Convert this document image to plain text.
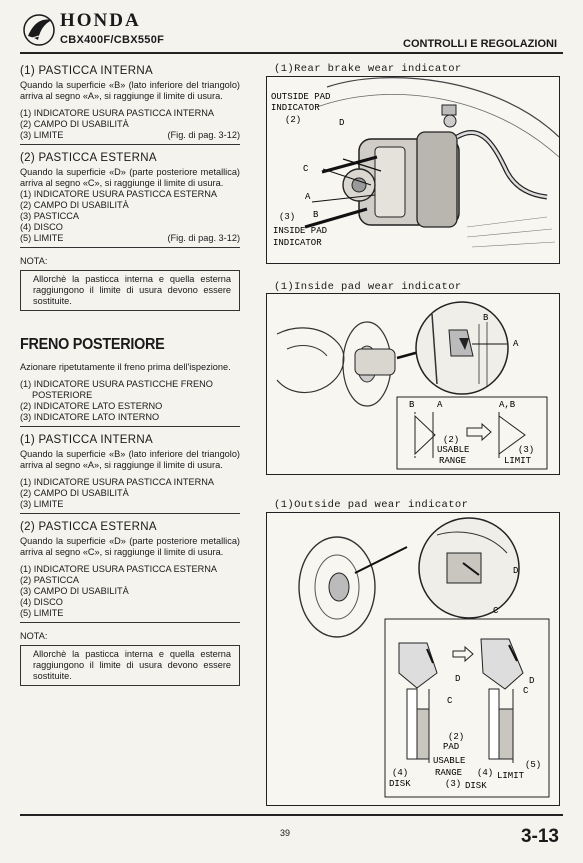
HONDA
CBX400F/CBX550F	CONTROLLI E REGOLAZIONI
(1) PASTICCA INTERNA
Quando la superficie «B» (lato inferiore del triangolo) arriva al segno «A», si raggiunge il limite di usura.
(1) INDICATORE USURA PASTICCA INTERNA
(2) CAMPO DI USABILITÀ
(3) LIMITE	(Fig. di pag. 3-12)
(2) PASTICCA ESTERNA
Quando la superficie «D» (parte posteriore metallica) arriva al segno «C», si raggiunge il limite di usura.
(1) INDICATORE USURA PASTICCA ESTERNA
(2) CAMPO DI USABILITÀ
(3) PASTICCA
(4) DISCO
(5) LIMITE	(Fig. di pag. 3-12)
NOTA:
Allorchè la pasticca interna e quella esterna raggiungono il limite di usura devono essere sostituite.
FRENO POSTERIORE
Azionare ripetutamente il freno prima dell'ispezione.
(1) INDICATORE USURA PASTICCHE FRENO
POSTERIORE
(2) INDICATORE LATO ESTERNO
(3) INDICATORE LATO INTERNO
(1) PASTICCA INTERNA
Quando la superficie «B» (lato inferiore del triangolo) arriva al segno «A», si raggiunge il limite di usura.
(1) INDICATORE USURA PASTICCA INTERNA
(2) CAMPO DI USABILITÀ
(3) LIMITE
(2) PASTICCA ESTERNA
Quando la superficie «D» (parte posteriore metallica) arriva al segno «C», si raggiunge il limite di usura.
(1) INDICATORE USURA PASTICCA ESTERNA
(2) PASTICCA
(3) CAMPO DI USABILITÀ
(4) DISCO
(5) LIMITE
NOTA:
Allorchè la pasticca interna e quella esterna raggiungono il limite di usura devono essere sostituite.
(1)Rear brake wear indicator
OUTSIDE PAD
INDICATOR
(2)	D
C
A
(3) B
INSIDE PAD
INDICATOR
(1)Inside pad wear indicator
B
A
B	A	A,B
(2)
USABLE
RANGE
(3)
LIMIT
(1)Outside pad wear indicator
D
C
D
C
D
C
(2)
PAD
USABLE
RANGE
(3)
(4)
DISK
(4)
DISK
(5)
LIMIT
39	3-13
